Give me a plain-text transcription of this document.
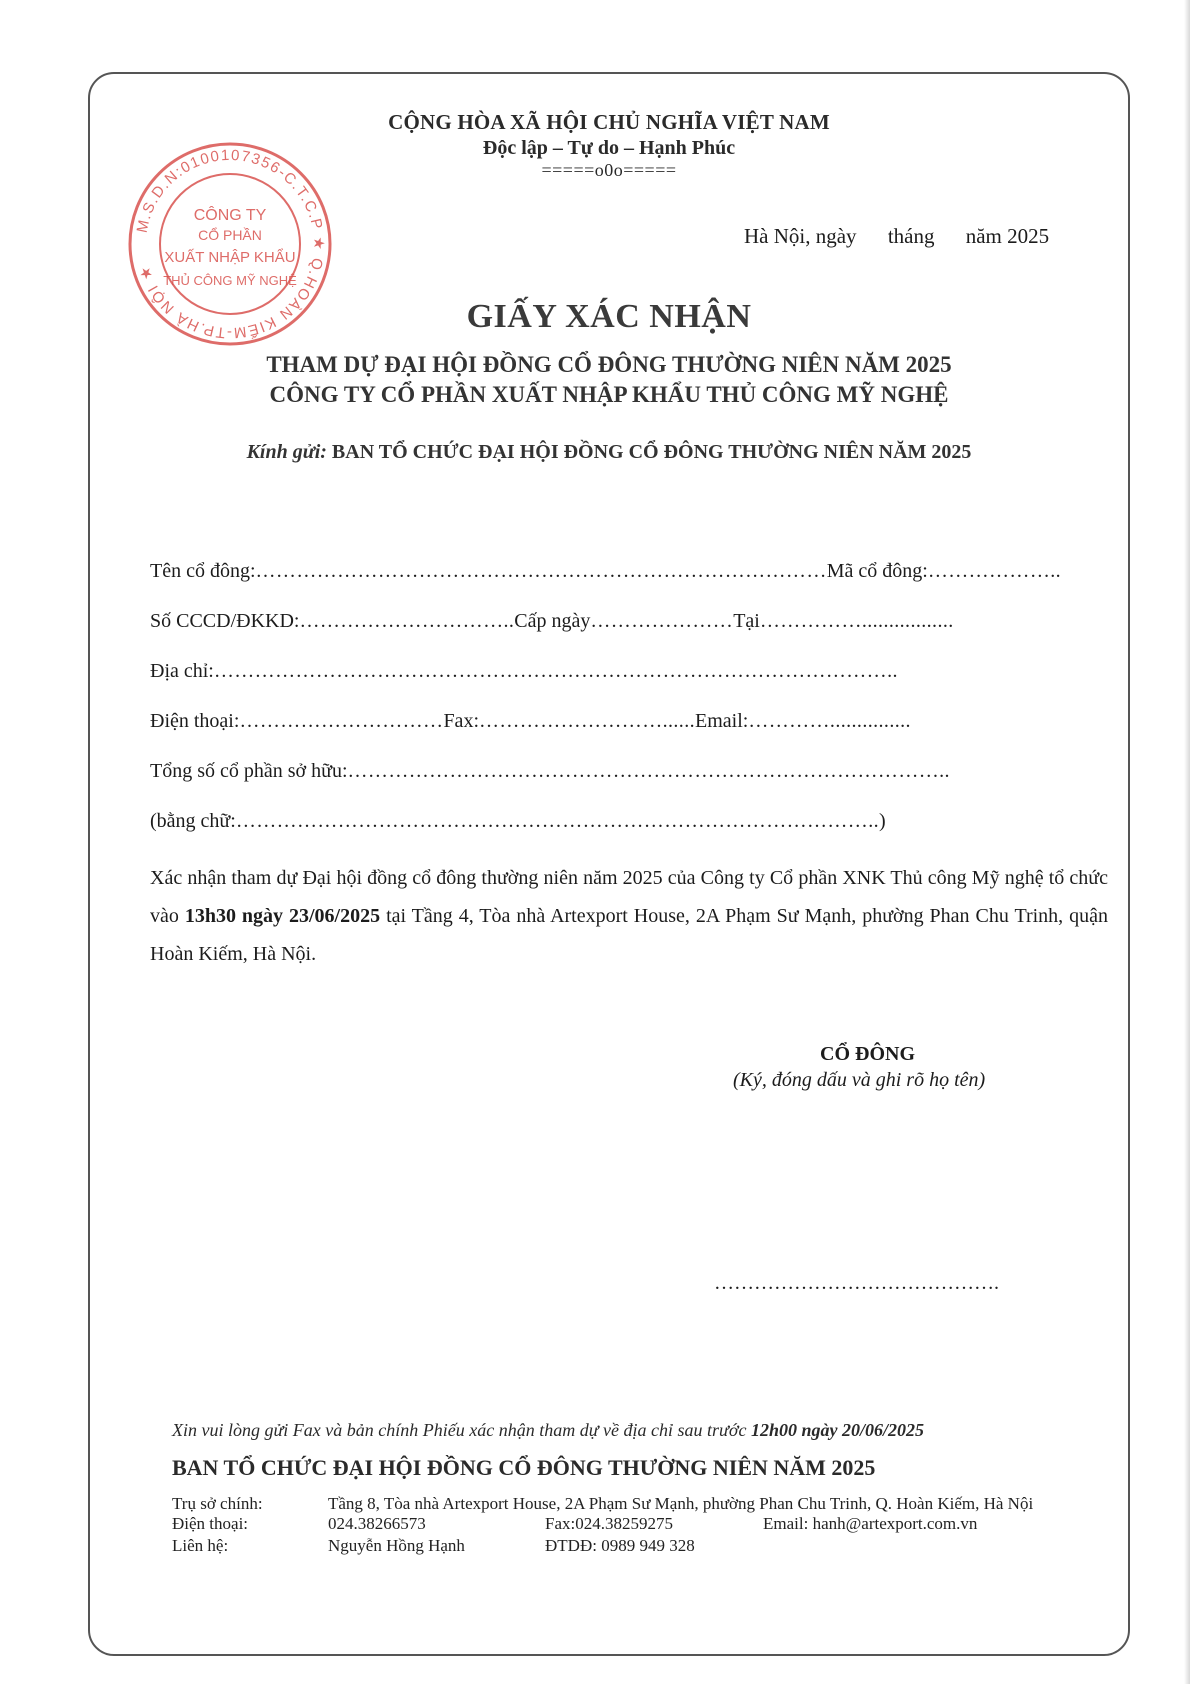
CỘNG HÒA XÃ HỘI CHỦ NGHĨA VIỆT NAM
Độc lập – Tự do – Hạnh Phúc
=====o0o=====
M.S.D.N:0100107356-C.T.C.P ★ Q.HOÀN KIẾM-TP.HÀ NỘI ★
CÔNG TY
CỔ PHẦN
XUẤT NHẬP KHẨU
THỦ CÔNG MỸ NGHỆ
Hà Nội, ngày tháng năm 2025
GIẤY XÁC NHẬN
THAM DỰ ĐẠI HỘI ĐỒNG CỔ ĐÔNG THƯỜNG NIÊN NĂM 2025
CÔNG TY CỔ PHẦN XUẤT NHẬP KHẨU THỦ CÔNG MỸ NGHỆ
Kính gửi: BAN TỔ CHỨC ĐẠI HỘI ĐỒNG CỔ ĐÔNG THƯỜNG NIÊN NĂM 2025
Tên cổ đông:…………………………………………………………………………Mã cổ đông:………………..
Số CCCD/ĐKKD:…………………………..Cấp ngày…………………Tại…………….................
Địa chỉ:………………………………………………………………………………………..
Điện thoại:…………………………Fax:………………………......Email:…………...............
Tổng số cổ phần sở hữu:……………………………………………………………………………..
(bằng chữ:…………………………………………………………………………………..)
Xác nhận tham dự Đại hội đồng cổ đông thường niên năm 2025 của Công ty Cổ phần XNK Thủ công Mỹ nghệ tổ chức vào 13h30 ngày 23/06/2025 tại Tầng 4, Tòa nhà Artexport House, 2A Phạm Sư Mạnh, phường Phan Chu Trinh, quận Hoàn Kiếm, Hà Nội.
CỔ ĐÔNG
(Ký, đóng dấu và ghi rõ họ tên)
…………………………………….
Xin vui lòng gửi Fax và bản chính Phiếu xác nhận tham dự về địa chỉ sau trước 12h00 ngày 20/06/2025
BAN TỔ CHỨC ĐẠI HỘI ĐỒNG CỔ ĐÔNG THƯỜNG NIÊN NĂM 2025
Trụ sở chính:	Tầng 8, Tòa nhà Artexport House, 2A Phạm Sư Mạnh, phường Phan Chu Trinh, Q. Hoàn Kiếm, Hà Nội
Điện thoại:	024.38266573	Fax:024.38259275	Email: hanh@artexport.com.vn
Liên hệ:	Nguyễn Hồng Hạnh	ĐTDĐ: 0989 949 328
